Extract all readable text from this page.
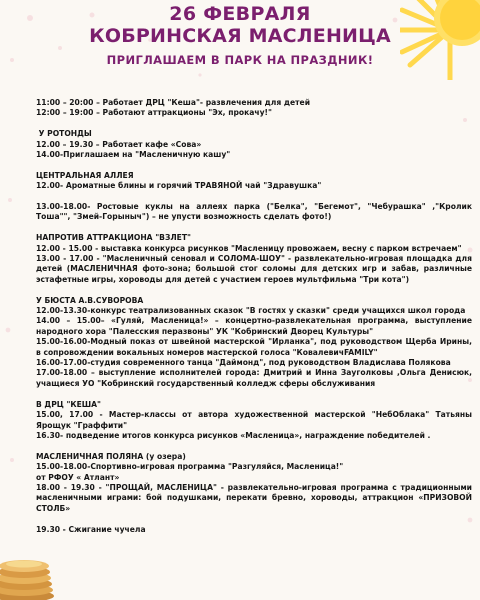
26 ФЕВРАЛЯ
КОБРИНСКАЯ МАСЛЕНИЦА
ПРИГЛАШАЕМ В ПАРК НА ПРАЗДНИК!

11:00 – 20:00 – Работает ДРЦ "Кеша"- развлечения для детей

12:00 – 19:00 – Работают аттракционы "Эх, прокачу!"

У РОТОНДЫ

12.00 – 19.30 – Работает кафе «Сова»

14.00-Приглашаем на "Масленичную кашу"

ЦЕНТРАЛЬНАЯ АЛЛЕЯ

12.00- Ароматные блины и горячий ТРАВЯНОЙ чай "Здравушка"

13.00-18.00- Ростовые куклы на аллеях парка ("Белка", "Бегемот", "Чебурашка" ,"Кролик Тоша"", "Змей-Горыныч") – не упусти возможность сделать фото!)

НАПРОТИВ АТТРАКЦИОНА "ВЗЛЕТ"

12.00 - 15.00 - выставка конкурса рисунков "Масленицу провожаем, весну с парком встречаем"

13.00 - 17.00 - "Масленичный сеновал и СОЛОМА-ШОУ" - развлекательно-игровая площадка для детей (МАСЛЕНИЧНАЯ фото-зона; большой стог соломы для детских игр и забав, различные эстафетные игры, хороводы для детей с участием героев мультфильма "Три кота")

У БЮСТА А.В.СУВОРОВА

12.00-13.30-конкурс театрализованных сказок "В гостях у сказки" среди учащихся школ города

14.00 – 15.00– «Гуляй, Масленица!» – концертно-развлекательная программа, выступление народного хора "Палесския перазвоны" УК "Кобринский Дворец Культуры"

15.00-16.00-Модный показ от швейной мастерской "Ирланка", под руководством Щерба Ирины, в сопровождении вокальных номеров мастерской голоса "КовалевичFAMILY"

16.00-17.00-студия современного танца "Даймонд", под руководством Владислава Полякова

17.00-18.00 – выступление исполнителей города: Дмитрий и Инна Зауголковы ,Ольга Денисюк, учащиеся УО "Кобринский государственный колледж сферы обслуживания

В ДРЦ "КЕША"

15.00, 17.00 - Мастер-классы от автора художественной мастерской "НебОблака" Татьяны Ярощук "Граффити"

16.30- подведение итогов конкурса рисунков «Масленица», награждение победителей .

МАСЛЕНИЧНАЯ ПОЛЯНА (у озера)

15.00-18.00-Спортивно-игровая программа "Разгуляйся, Масленица!"

от РФОУ « Атлант»

18.00 - 19.30 - "ПРОЩАЙ, МАСЛЕНИЦА" - развлекательно-игровая программа с традиционными масленичными играми: бой подушками, перекати бревно, хороводы, аттракцион «ПРИЗОВОЙ СТОЛБ»

19.30 - Сжигание чучела
